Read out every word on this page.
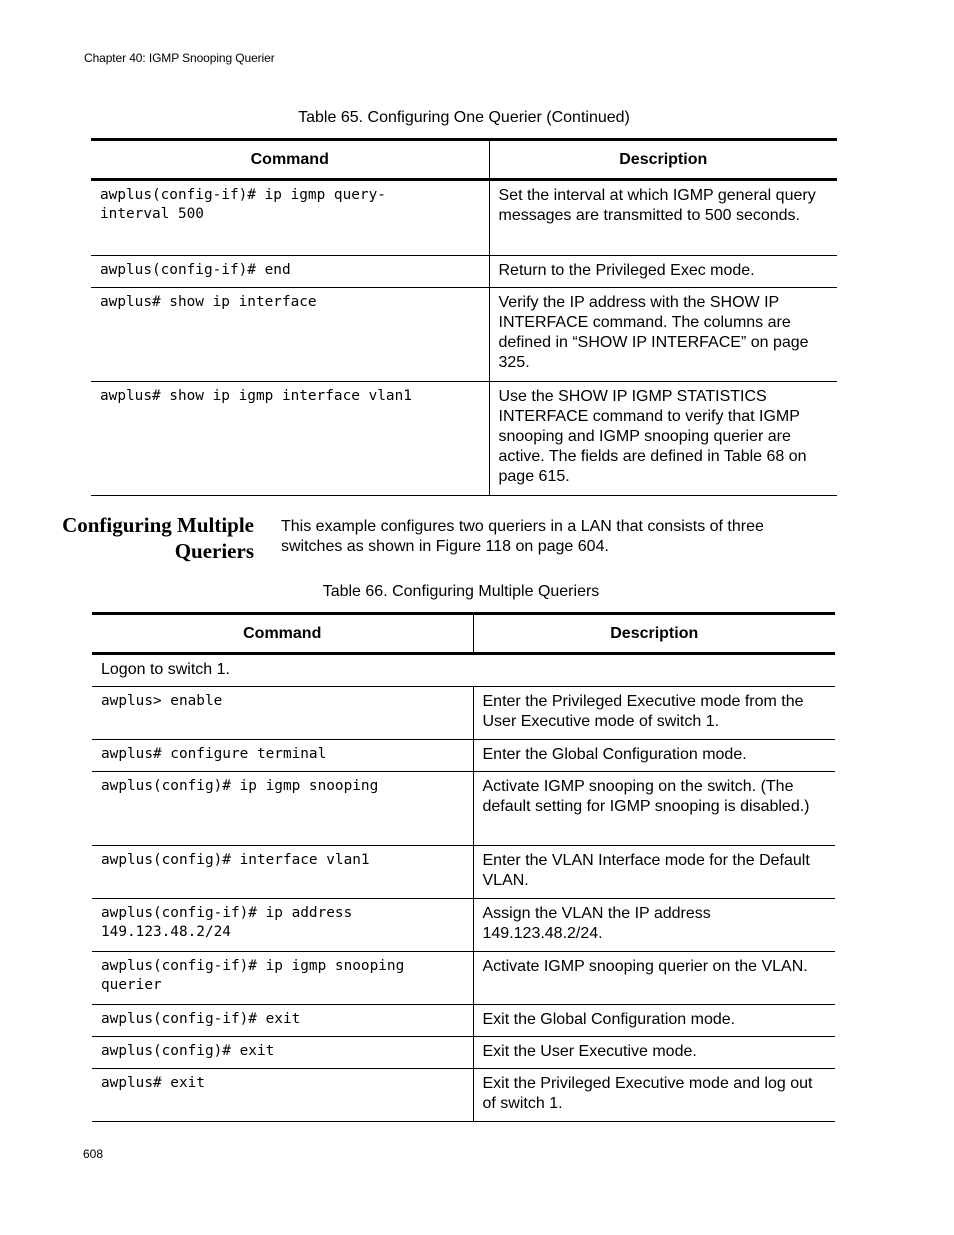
Chapter 40: IGMP Snooping Querier
Table 65. Configuring One Querier (Continued)
Command	Description
awplus(config-if)# ip igmp query-
interval 500	Set the interval at which IGMP general query messages are transmitted to 500 seconds.
awplus(config-if)# end	Return to the Privileged Exec mode.
awplus# show ip interface	Verify the IP address with the SHOW IP INTERFACE command. The columns are defined in “SHOW IP INTERFACE” on page 325.
awplus# show ip igmp interface vlan1	Use the SHOW IP IGMP STATISTICS INTERFACE command to verify that IGMP snooping and IGMP snooping querier are active. The fields are defined in Table 68 on page 615.
Configuring Multiple Queriers
This example configures two queriers in a LAN that consists of three switches as shown in Figure 118 on page 604.
Table 66. Configuring Multiple Queriers
Command	Description
Logon to switch 1.	
awplus> enable	Enter the Privileged Executive mode from the User Executive mode of switch 1.
awplus# configure terminal	Enter the Global Configuration mode.
awplus(config)# ip igmp snooping	Activate IGMP snooping on the switch. (The default setting for IGMP snooping is disabled.)
awplus(config)# interface vlan1	Enter the VLAN Interface mode for the Default VLAN.
awplus(config-if)# ip address
149.123.48.2/24	Assign the VLAN the IP address 149.123.48.2/24.
awplus(config-if)# ip igmp snooping
querier	Activate IGMP snooping querier on the VLAN.
awplus(config-if)# exit	Exit the Global Configuration mode.
awplus(config)# exit	Exit the User Executive mode.
awplus# exit	Exit the Privileged Executive mode and log out of switch 1.
608
